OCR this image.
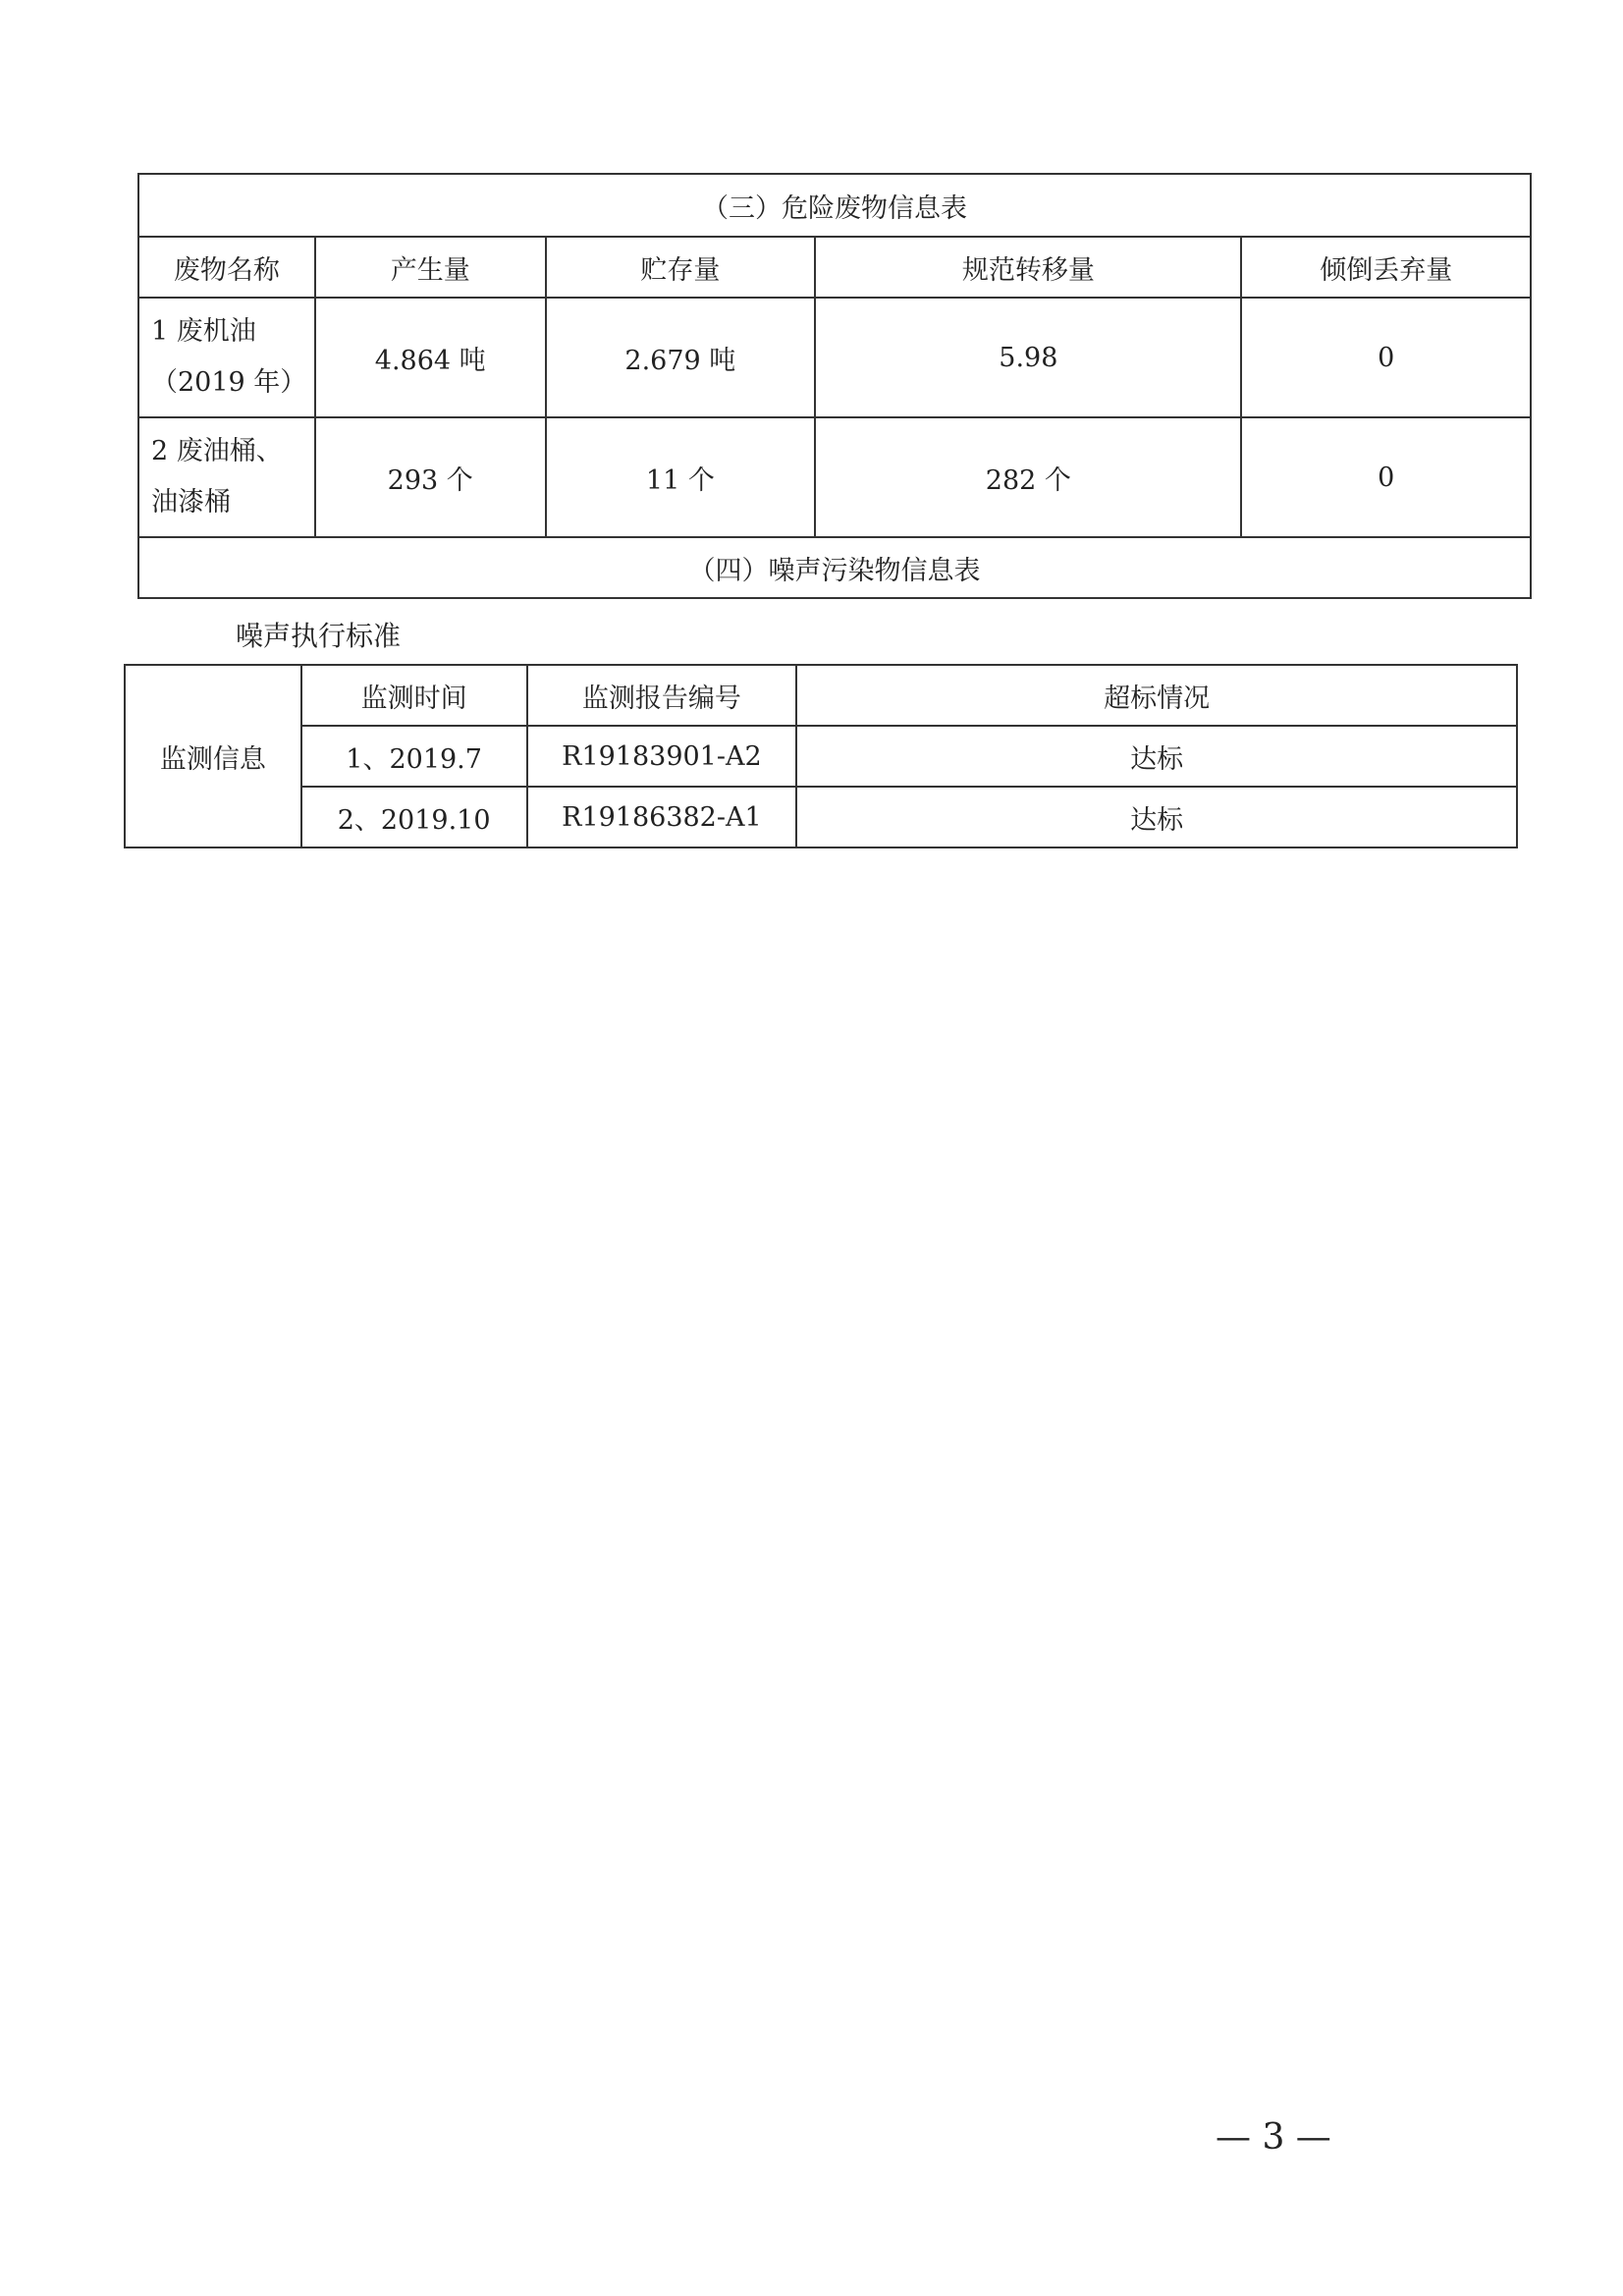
（三）危险废物信息表				
废物名称	产生量	贮存量	规范转移量	倾倒丢弃量

1 废机油
（2019 年）	4.864 吨	2.679 吨	5.98	0

2 废油桶、
油漆桶	293 个	11 个	282 个	0
（四）噪声污染物信息表				
噪声执行标准
监测信息	监测时间	监测报告编号	超标情况
	1、2019.7	R19183901-A2	达标
	2、2019.10	R19186382-A1	达标
— 3 —
